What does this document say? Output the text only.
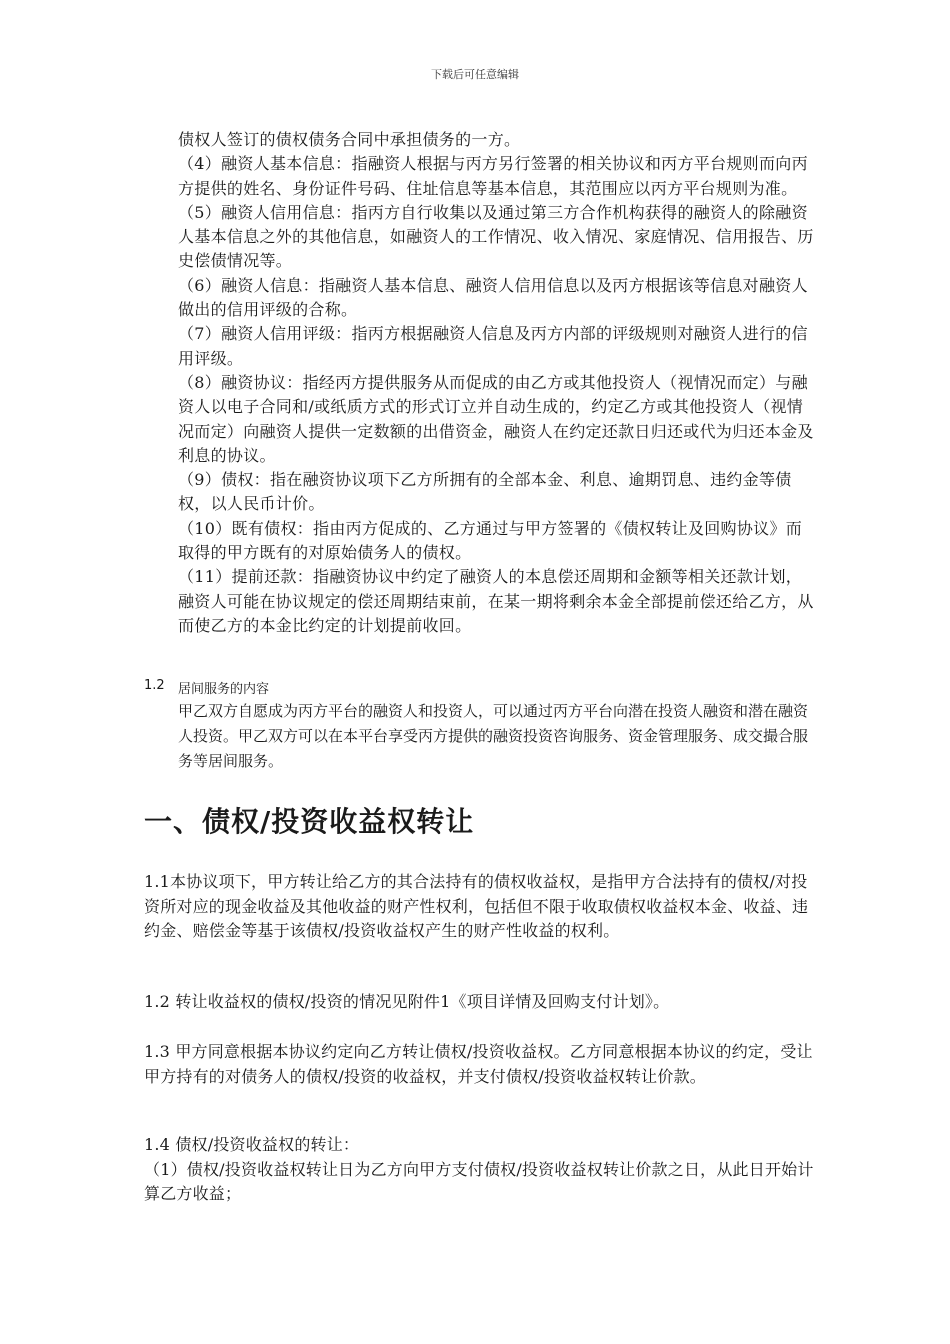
下载后可任意编辑

债权人签订的债权债务合同中承担债务的一方。

（4）融资人基本信息：指融资人根据与丙方另行签署的相关协议和丙方平台规则而向丙方提供的姓名、身份证件号码、住址信息等基本信息，其范围应以丙方平台规则为准。

（5）融资人信用信息：指丙方自行收集以及通过第三方合作机构获得的融资人的除融资人基本信息之外的其他信息，如融资人的工作情况、收入情况、家庭情况、信用报告、历史偿债情况等。

（6）融资人信息：指融资人基本信息、融资人信用信息以及丙方根据该等信息对融资人做出的信用评级的合称。

（7）融资人信用评级：指丙方根据融资人信息及丙方内部的评级规则对融资人进行的信用评级。

（8）融资协议：指经丙方提供服务从而促成的由乙方或其他投资人（视情况而定）与融资人以电子合同和/或纸质方式的形式订立并自动生成的，约定乙方或其他投资人（视情况而定）向融资人提供一定数额的出借资金，融资人在约定还款日归还或代为归还本金及利息的协议。

（9）债权：指在融资协议项下乙方所拥有的全部本金、利息、逾期罚息、违约金等债权，以人民币计价。

（10）既有债权：指由丙方促成的、乙方通过与甲方签署的《债权转让及回购协议》而取得的甲方既有的对原始债务人的债权。

（11）提前还款：指融资协议中约定了融资人的本息偿还周期和金额等相关还款计划，融资人可能在协议规定的偿还周期结束前，在某一期将剩余本金全部提前偿还给乙方，从而使乙方的本金比约定的计划提前收回。

1.2 居间服务的内容

甲乙双方自愿成为丙方平台的融资人和投资人，可以通过丙方平台向潜在投资人融资和潜在融资人投资。甲乙双方可以在本平台享受丙方提供的融资投资咨询服务、资金管理服务、成交撮合服务等居间服务。

一、债权/投资收益权转让

1.1本协议项下，甲方转让给乙方的其合法持有的债权收益权，是指甲方合法持有的债权/对投资所对应的现金收益及其他收益的财产性权利，包括但不限于收取债权收益权本金、收益、违约金、赔偿金等基于该债权/投资收益权产生的财产性收益的权利。

1.2 转让收益权的债权/投资的情况见附件1《项目详情及回购支付计划》。

1.3 甲方同意根据本协议约定向乙方转让债权/投资收益权。乙方同意根据本协议的约定，受让甲方持有的对债务人的债权/投资的收益权，并支付债权/投资收益权转让价款。

1.4 债权/投资收益权的转让：

（1）债权/投资收益权转让日为乙方向甲方支付债权/投资收益权转让价款之日，从此日开始计算乙方收益；
